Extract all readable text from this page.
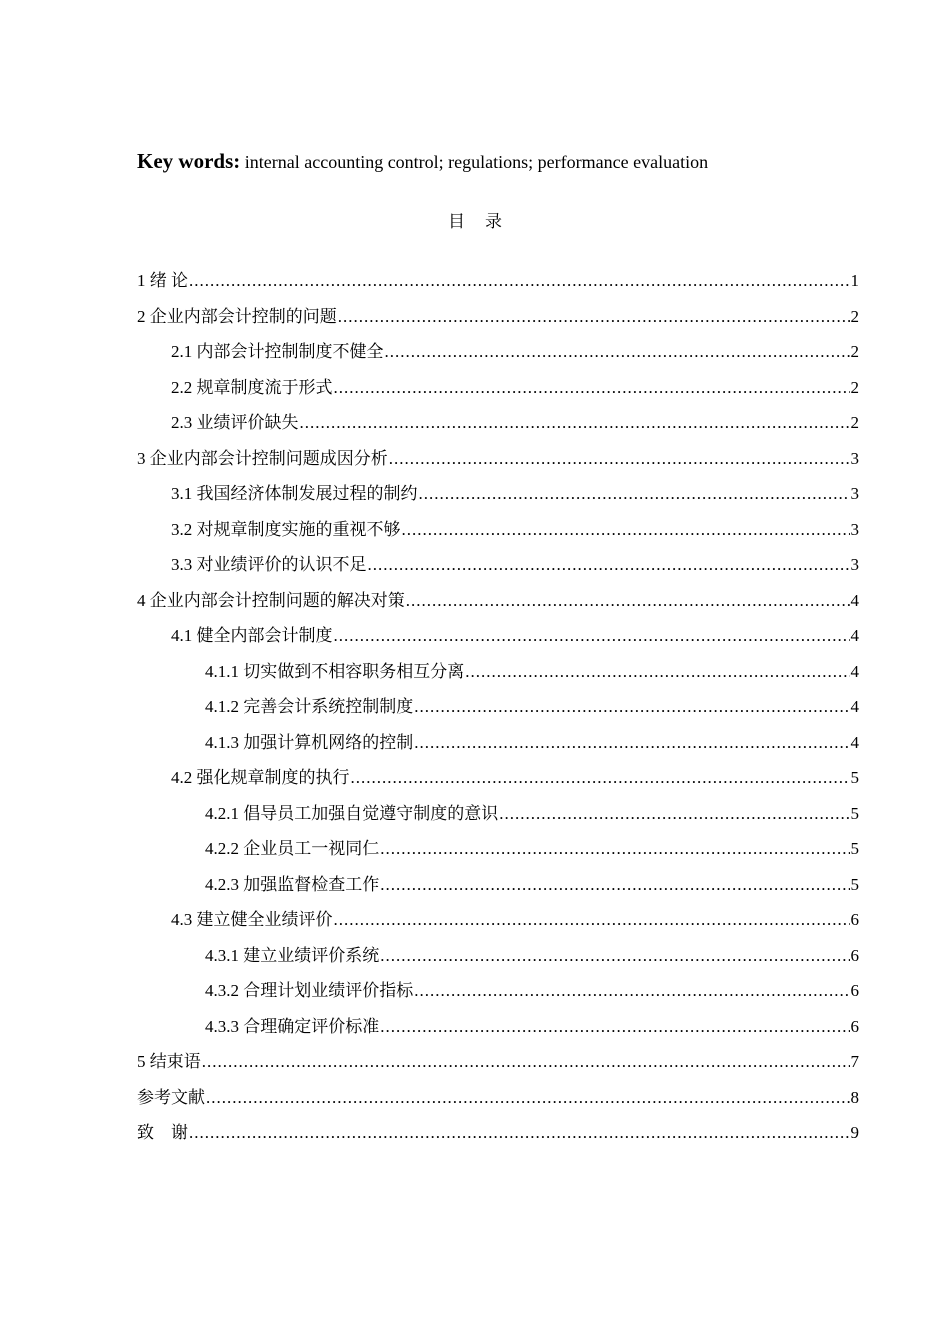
Key words: internal accounting control; regulations; performance evaluation
目 录
1 绪 论 .....	1
2 企业内部会计控制的问题 .....	2
2.1 内部会计控制制度不健全 .....	2
2.2 规章制度流于形式 .....	2
2.3 业绩评价缺失 .....	2
3 企业内部会计控制问题成因分析 .....	3
3.1 我国经济体制发展过程的制约 .....	3
3.2 对规章制度实施的重视不够 .....	3
3.3 对业绩评价的认识不足 .....	3
4 企业内部会计控制问题的解决对策 .....	4
4.1 健全内部会计制度 .....	4
4.1.1 切实做到不相容职务相互分离 .....	4
4.1.2 完善会计系统控制制度 .....	4
4.1.3 加强计算机网络的控制 .....	4
4.2 强化规章制度的执行 .....	5
4.2.1 倡导员工加强自觉遵守制度的意识 .....	5
4.2.2 企业员工一视同仁 .....	5
4.2.3 加强监督检查工作 .....	5
4.3 建立健全业绩评价 .....	6
4.3.1 建立业绩评价系统 .....	6
4.3.2 合理计划业绩评价指标 .....	6
4.3.3 合理确定评价标准 .....	6
5 结束语 .....	7
参考文献 .....	8
致　谢 .....	9
